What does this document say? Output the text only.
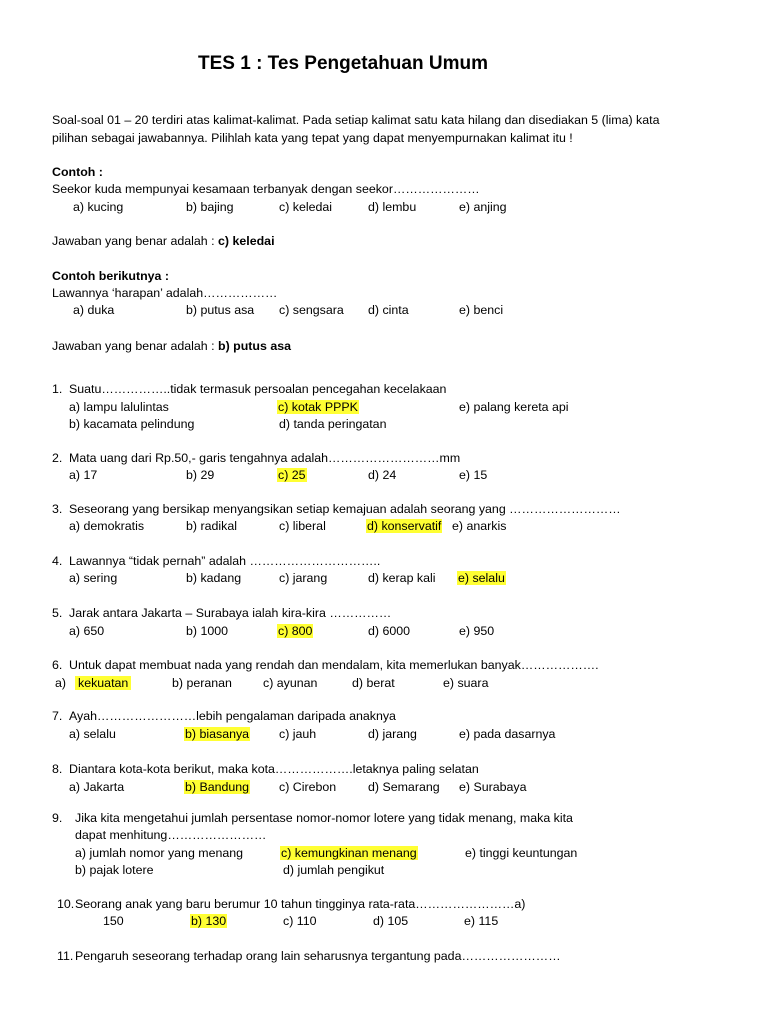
TES 1 : Tes Pengetahuan Umum
Soal-soal 01 – 20 terdiri atas kalimat-kalimat. Pada setiap kalimat satu kata hilang dan disediakan 5 (lima) kata
pilihan sebagai jawabannya. Pilihlah kata yang tepat yang dapat menyempurnakan kalimat itu !
Contoh :
Seekor kuda mempunyai kesamaan terbanyak dengan seekor…………………
a) kucing	b) bajing	c) keledai	d) lembu	e) anjing
Jawaban yang benar adalah : c) keledai
Contoh berikutnya :
Lawannya ‘harapan’ adalah………………
a) duka	b) putus asa c) sengsara d) cinta	e) benci
Jawaban yang benar adalah : b) putus asa
1. Suatu……………..tidak termasuk persoalan pencegahan kecelakaan
a) lampu lalulintas	c) kotak PPPK	e) palang kereta api
b) kacamata pelindung	d) tanda peringatan
2. Mata uang dari Rp.50,- garis tengahnya adalah………………………mm
a) 17	b) 29	c) 25	d) 24	e) 15
3. Seseorang yang bersikap menyangsikan setiap kemajuan adalah seorang yang ………………………
a) demokratis	b) radikal	c) liberal	d) konservatif e) anarkis
4. Lawannya “tidak pernah” adalah …………………………..
a) sering	b) kadang	c) jarang	d) kerap kali e) selalu
5. Jarak antara Jakarta – Surabaya ialah kira-kira ……………
a) 650	b) 1000	c) 800	d) 6000	e) 950
6. Untuk dapat membuat nada yang rendah dan mendalam, kita memerlukan banyak……………….
a) kekuatan	b) peranan	c) ayunan	d) berat	e) suara
7. Ayah……………………lebih pengalaman daripada anaknya
a) selalu	b) biasanya c) jauh	d) jarang	e) pada dasarnya
8. Diantara kota-kota berikut, maka kota……………….letaknya paling selatan
a) Jakarta	b) Bandung c) Cirebon	d) Semarang e) Surabaya
9. Jika kita mengetahui jumlah persentase nomor-nomor lotere yang tidak menang, maka kita
dapat menhitung……………………
a) jumlah nomor yang menang	c) kemungkinan menang	e) tinggi keuntungan
b) pajak lotere	d) jumlah pengikut
10. Seorang anak yang baru berumur 10 tahun tingginya rata-rata……………………a)
150	b) 130	c) 110	d) 105	e) 115
11. Pengaruh seseorang terhadap orang lain seharusnya tergantung pada……………………
